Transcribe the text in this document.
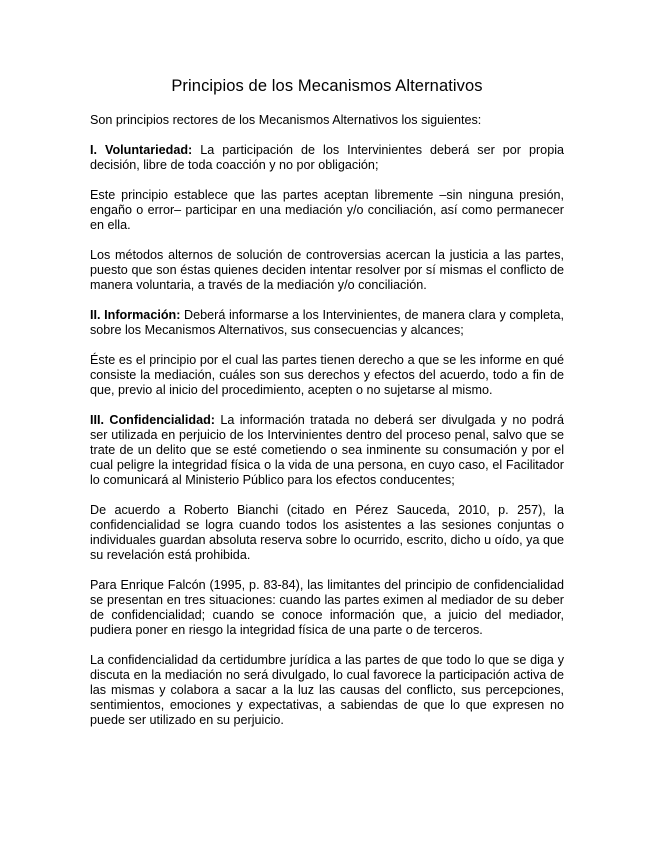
Principios de los Mecanismos Alternativos

Son principios rectores de los Mecanismos Alternativos los siguientes:

I. Voluntariedad: La participación de los Intervinientes deberá ser por propia decisión, libre de toda coacción y no por obligación;

Este principio establece que las partes aceptan libremente –sin ninguna presión, engaño o error– participar en una mediación y/o conciliación, así como permanecer en ella.

Los métodos alternos de solución de controversias acercan la justicia a las partes, puesto que son éstas quienes deciden intentar resolver por sí mismas el conflicto de manera voluntaria, a través de la mediación y/o conciliación.

II. Información: Deberá informarse a los Intervinientes, de manera clara y completa, sobre los Mecanismos Alternativos, sus consecuencias y alcances;

Éste es el principio por el cual las partes tienen derecho a que se les informe en qué consiste la mediación, cuáles son sus derechos y efectos del acuerdo, todo a fin de que, previo al inicio del procedimiento, acepten o no sujetarse al mismo.

III. Confidencialidad: La información tratada no deberá ser divulgada y no podrá ser utilizada en perjuicio de los Intervinientes dentro del proceso penal, salvo que se trate de un delito que se esté cometiendo o sea inminente su consumación y por el cual peligre la integridad física o la vida de una persona, en cuyo caso, el Facilitador lo comunicará al Ministerio Público para los efectos conducentes;

De acuerdo a Roberto Bianchi (citado en Pérez Sauceda, 2010, p. 257), la confidencialidad se logra cuando todos los asistentes a las sesiones conjuntas o individuales guardan absoluta reserva sobre lo ocurrido, escrito, dicho u oído, ya que su revelación está prohibida.

Para Enrique Falcón (1995, p. 83-84), las limitantes del principio de confidencialidad se presentan en tres situaciones: cuando las partes eximen al mediador de su deber de confidencialidad; cuando se conoce información que, a juicio del mediador, pudiera poner en riesgo la integridad física de una parte o de terceros.

La confidencialidad da certidumbre jurídica a las partes de que todo lo que se diga y discuta en la mediación no será divulgado, lo cual favorece la participación activa de las mismas y colabora a sacar a la luz las causas del conflicto, sus percepciones, sentimientos, emociones y expectativas, a sabiendas de que lo que expresen no puede ser utilizado en su perjuicio.
